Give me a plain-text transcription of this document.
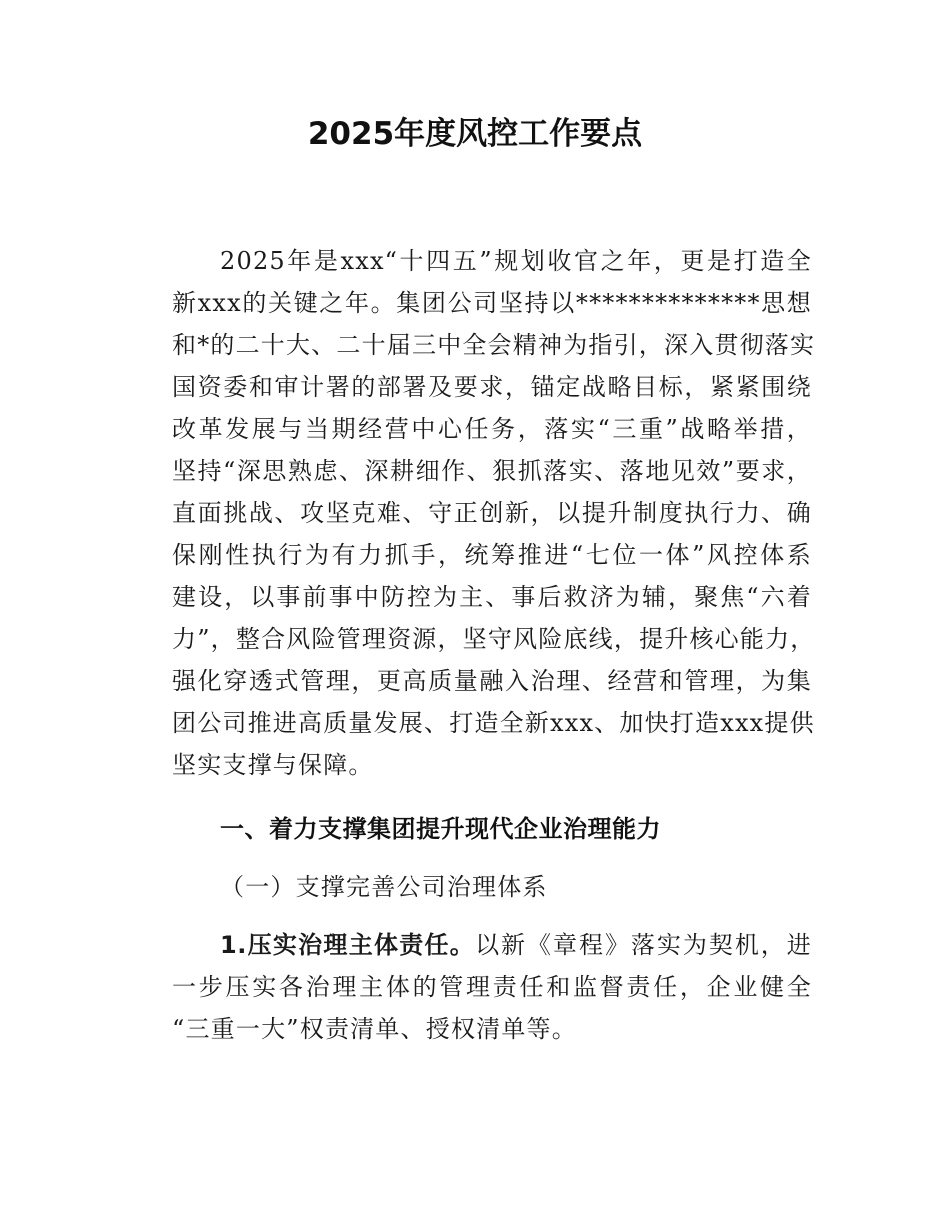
2025年度风控工作要点
2025年是xxx“十四五”规划收官之年，更是打造全
新xxx的关键之年。集团公司坚持以**************思想
和*的二十大、二十届三中全会精神为指引，深入贯彻落实
国资委和审计署的部署及要求，锚定战略目标，紧紧围绕
改革发展与当期经营中心任务，落实“三重”战略举措，
坚持“深思熟虑、深耕细作、狠抓落实、落地见效”要求，
直面挑战、攻坚克难、守正创新，以提升制度执行力、确
保刚性执行为有力抓手，统筹推进“七位一体”风控体系
建设，以事前事中防控为主、事后救济为辅，聚焦“六着
力”，整合风险管理资源，坚守风险底线，提升核心能力，
强化穿透式管理，更高质量融入治理、经营和管理，为集
团公司推进高质量发展、打造全新xxx、加快打造xxx提供
坚实支撑与保障。
一、着力支撑集团提升现代企业治理能力
（一）支撑完善公司治理体系
1.压实治理主体责任。以新《章程》落实为契机，进
一步压实各治理主体的管理责任和监督责任，企业健全
“三重一大”权责清单、授权清单等。
